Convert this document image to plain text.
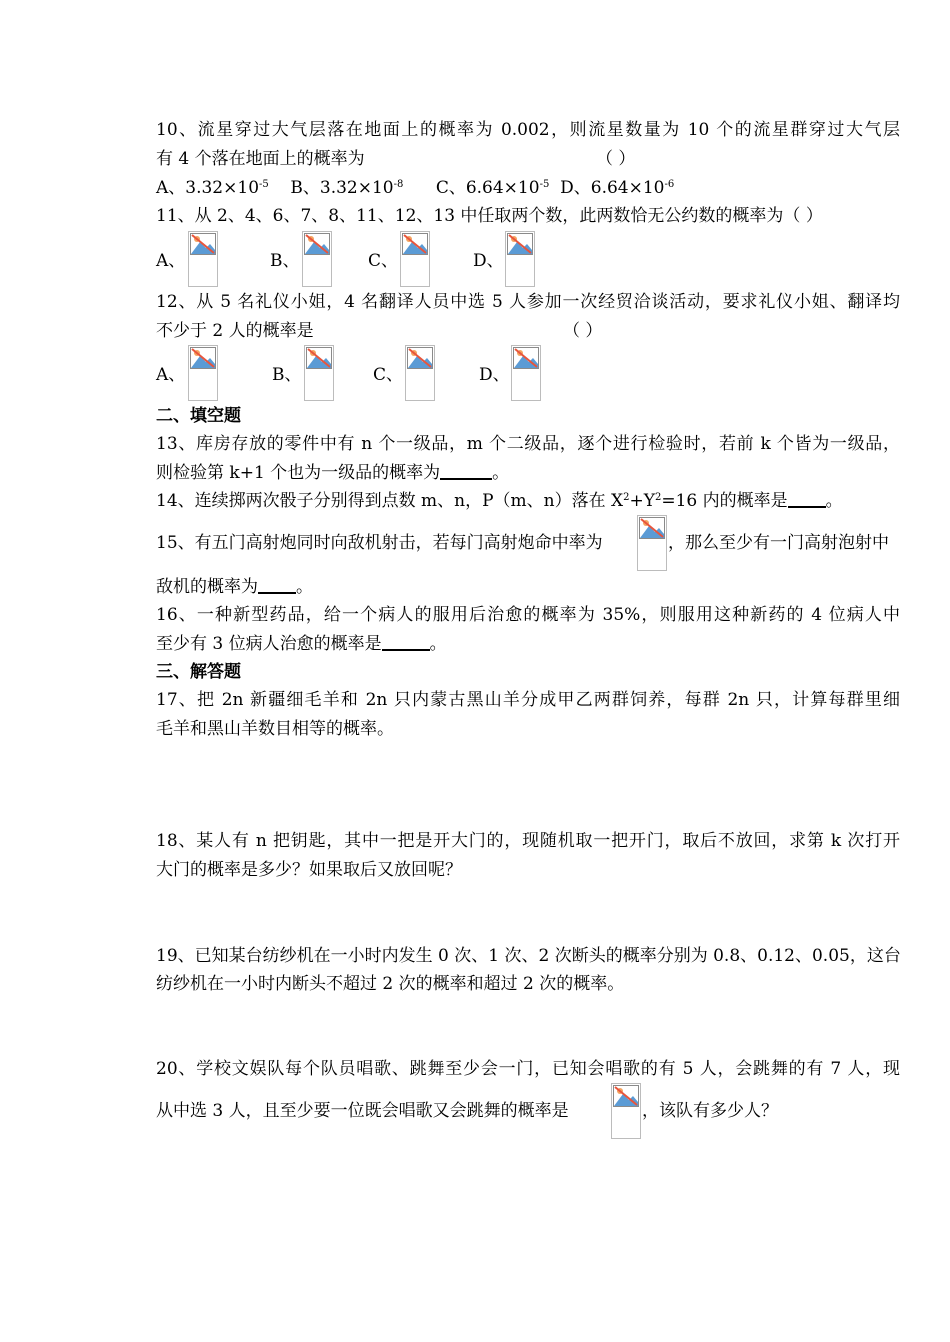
10、流星穿过大气层落在地面上的概率为 0.002，则流星数量为 10 个的流星群穿过大气层
有 4 个落在地面上的概率为	（ ）
A、$3.32\times 10^{-5}$ B、$3.32\times 10^{-8}$ C、$6.64\times 10^{-5}$ D、$6.64\times 10^{-6}$
11、从 2、4、6、7、8、11、12、13 中任取两个数，此两数恰无公约数的概率为（ ）
A、	B、	C、	D、
12、从 5 名礼仪小姐，4 名翻译人员中选 5 人参加一次经贸洽谈活动，要求礼仪小姐、翻译均
不少于 2 人的概率是	（ ）
A、	B、	C、	D、
二、填空题
13、库房存放的零件中有 n 个一级品，m 个二级品，逐个进行检验时，若前 k 个皆为一级品，
则检验第 k+1 个也为一级品的概率为	。
14、连续掷两次骰子分别得到点数 m、n，P（m、n）落在 $X^2+Y^2=16$ 内的概率是 。
15、有五门高射炮同时向敌机射击，若每门高射炮命中率为	，那么至少有一门高射泡射中
敌机的概率为 。
16、一种新型药品，给一个病人的服用后治愈的概率为 35%，则服用这种新药的 4 位病人中
至少有 3 位病人治愈的概率是	。
三、解答题
17、把 2n 新疆细毛羊和 2n 只内蒙古黑山羊分成甲乙两群饲养，每群 2n 只，计算每群里细
毛羊和黑山羊数目相等的概率。
18、某人有 n 把钥匙，其中一把是开大门的，现随机取一把开门，取后不放回，求第 k 次打开
大门的概率是多少？如果取后又放回呢？
19、已知某台纺纱机在一小时内发生 0 次、1 次、2 次断头的概率分别为 0.8、0.12、0.05，这台
纺纱机在一小时内断头不超过 2 次的概率和超过 2 次的概率。
20、学校文娱队每个队员唱歌、跳舞至少会一门，已知会唱歌的有 5 人，会跳舞的有 7 人，现
从中选 3 人，且至少要一位既会唱歌又会跳舞的概率是	，该队有多少人？
